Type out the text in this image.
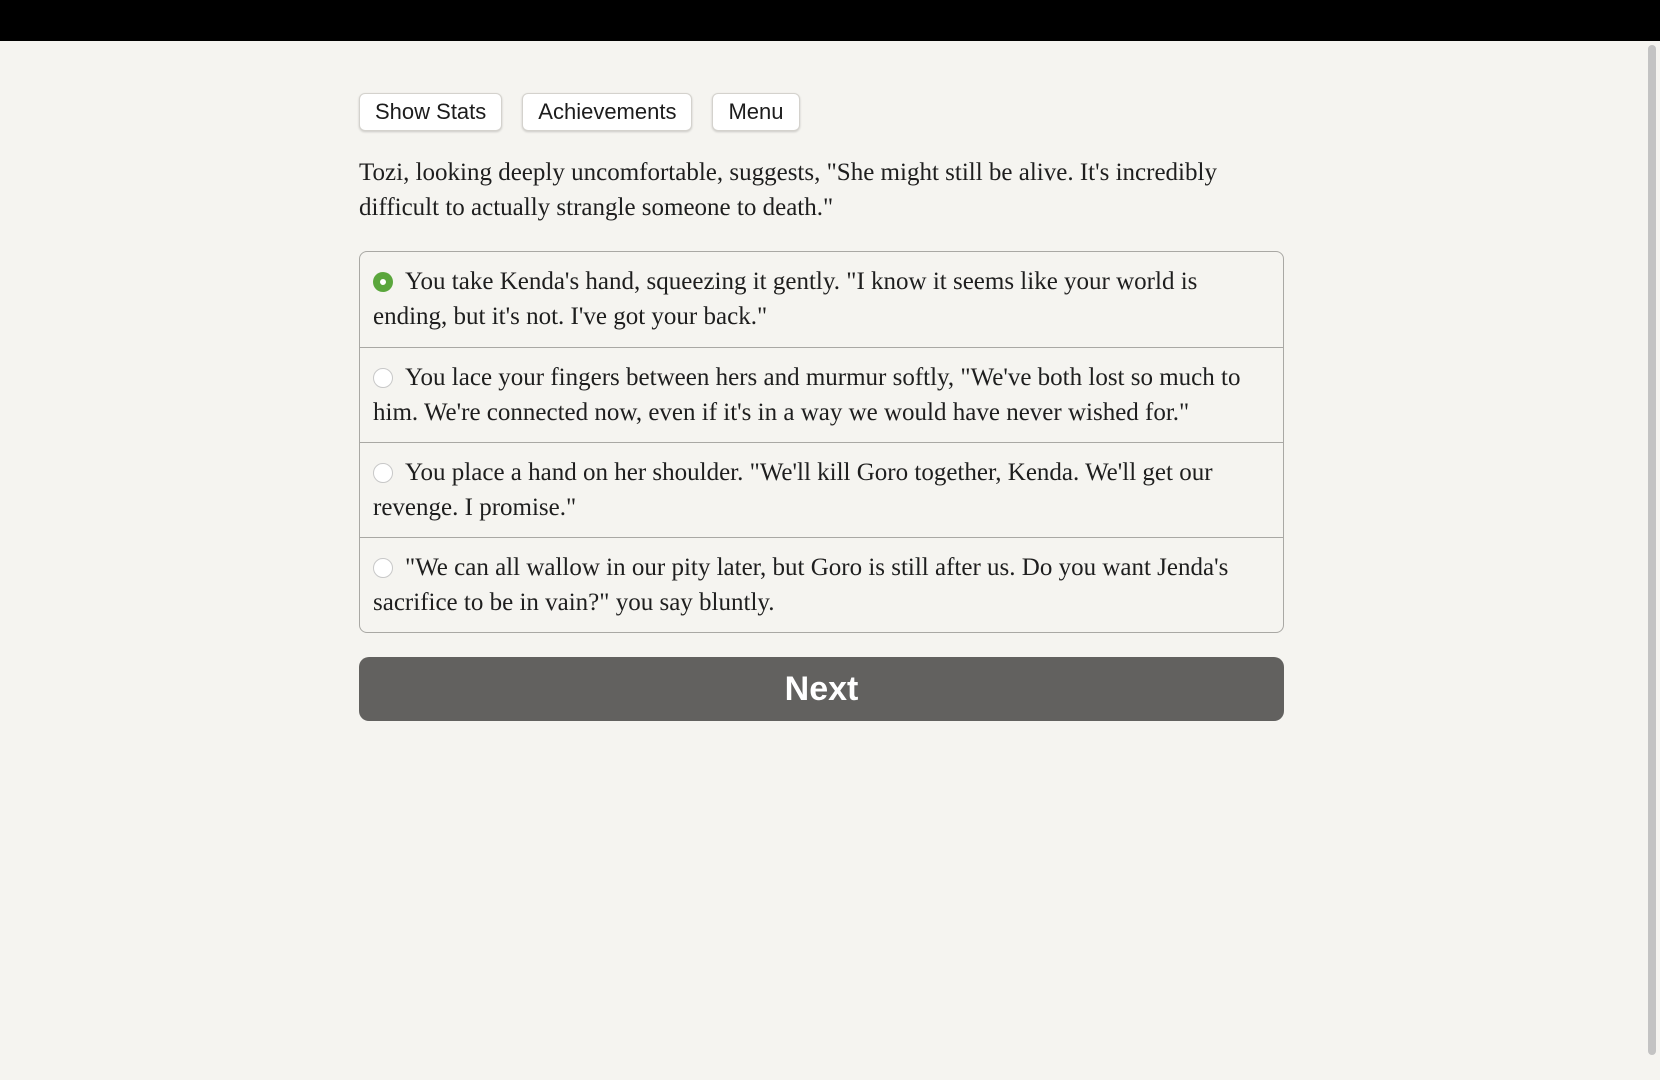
Show Stats	Achievements	Menu

Tozi, looking deeply uncomfortable, suggests, "She might still be alive. It's incredibly difficult to actually strangle someone to death."

You take Kenda's hand, squeezing it gently. "I know it seems like your world is ending, but it's not. I've got your back."
You lace your fingers between hers and murmur softly, "We've both lost so much to him. We're connected now, even if it's in a way we would have never wished for."
You place a hand on her shoulder. "We'll kill Goro together, Kenda. We'll get our revenge. I promise."
"We can all wallow in our pity later, but Goro is still after us. Do you want Jenda's sacrifice to be in vain?" you say bluntly.
Next
